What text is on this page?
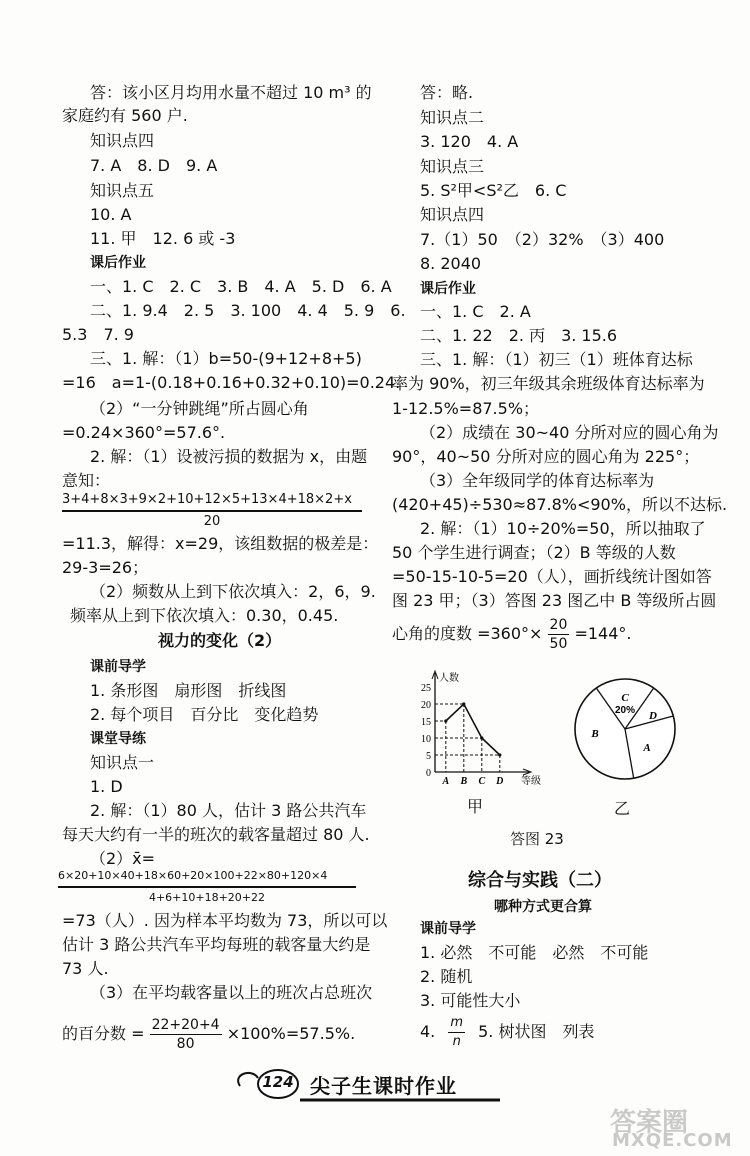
答：该小区月均用水量不超过 10 m³ 的
家庭约有 560 户.
知识点四
7. A　8. D　9. A
知识点五
10. A
11. 甲　12. 6 或 -3
课后作业
一、1. C　2. C　3. B　4. A　5. D　6. A
二、1. 9.4　2. 5　3. 100　4. 4　5. 9　6.
5.3　7. 9
三、1. 解：（1）b=50-(9+12+8+5)
=16　a=1-(0.18+0.16+0.32+0.10)=0.24.
（2）“一分钟跳绳”所占圆心角
=0.24×360°=57.6°.
2. 解：（1）设被污损的数据为 x，由题
意知：
$\frac{3+4+8\times 3+9\times 2+10+12\times 5+13\times 4+18\times 2+x}{20}$
=11.3，解得：x=29，该组数据的极差是：
29-3=26；
（2）频数从上到下依次填入：2，6，9.
频率从上到下依次填入：0.30，0.45.
视力的变化（2）
课前导学
1. 条形图　扇形图　折线图
2. 每个项目　百分比　变化趋势
课堂导练
知识点一
1. D
2. 解：（1）80 人，估计 3 路公共汽车
每天大约有一半的班次的载客量超过 80 人.
（2）x̄=
$\frac{6\times 20+10\times 40+18\times 60+20\times 100+22\times 80+120\times 4}{4+6+10+18+20+22}$
=73（人）. 因为样本平均数为 73，所以可以
估计 3 路公共汽车平均每班的载客量大约是
73 人.
（3）在平均载客量以上的班次占总班次
的百分数 = $\frac{22+20+4}{80} \times 100\%=57.5\%$.
答：略.
知识点二
3. 120　4. A
知识点三
5. S²甲<S²乙　6. C
知识点四
7.（1）50　（2）32%　（3）400
8. 2040
课后作业
一、1. C　2. A
二、1. 22　2. 丙　3. 15.6
三、1. 解：（1）初三（1）班体育达标
率为 90%，初三年级其余班级体育达标率为
1-12.5%=87.5%；
（2）成绩在 30~40 分所对应的圆心角为
90°，40~50 分所对应的圆心角为 225°；
（3）全年级同学的体育达标率为
(420+45)÷530≈87.8%<90%，所以不达标.
2. 解：（1）10÷20%=50，所以抽取了
50 个学生进行调查；（2）B 等级的人数
=50-15-10-5=20（人），画折线统计图如答
图 23 甲；（3）答图 23 图乙中 B 等级所占圆
心角的度数 $=360^\circ\times \frac{20}{50} =144^\circ$.
0
5
10
15
20
25
A B C D
人数
等级
甲
C
D
A
B
20%
乙
答图 23
综合与实践（二）
哪种方式更合算
课前导学
1. 必然　不可能　必然　不可能
2. 随机
3. 可能性大小
4. $\frac{m}{n} 5$. 树状图　列表
124 尖子生课时作业
答案圈
MXQE.COM
